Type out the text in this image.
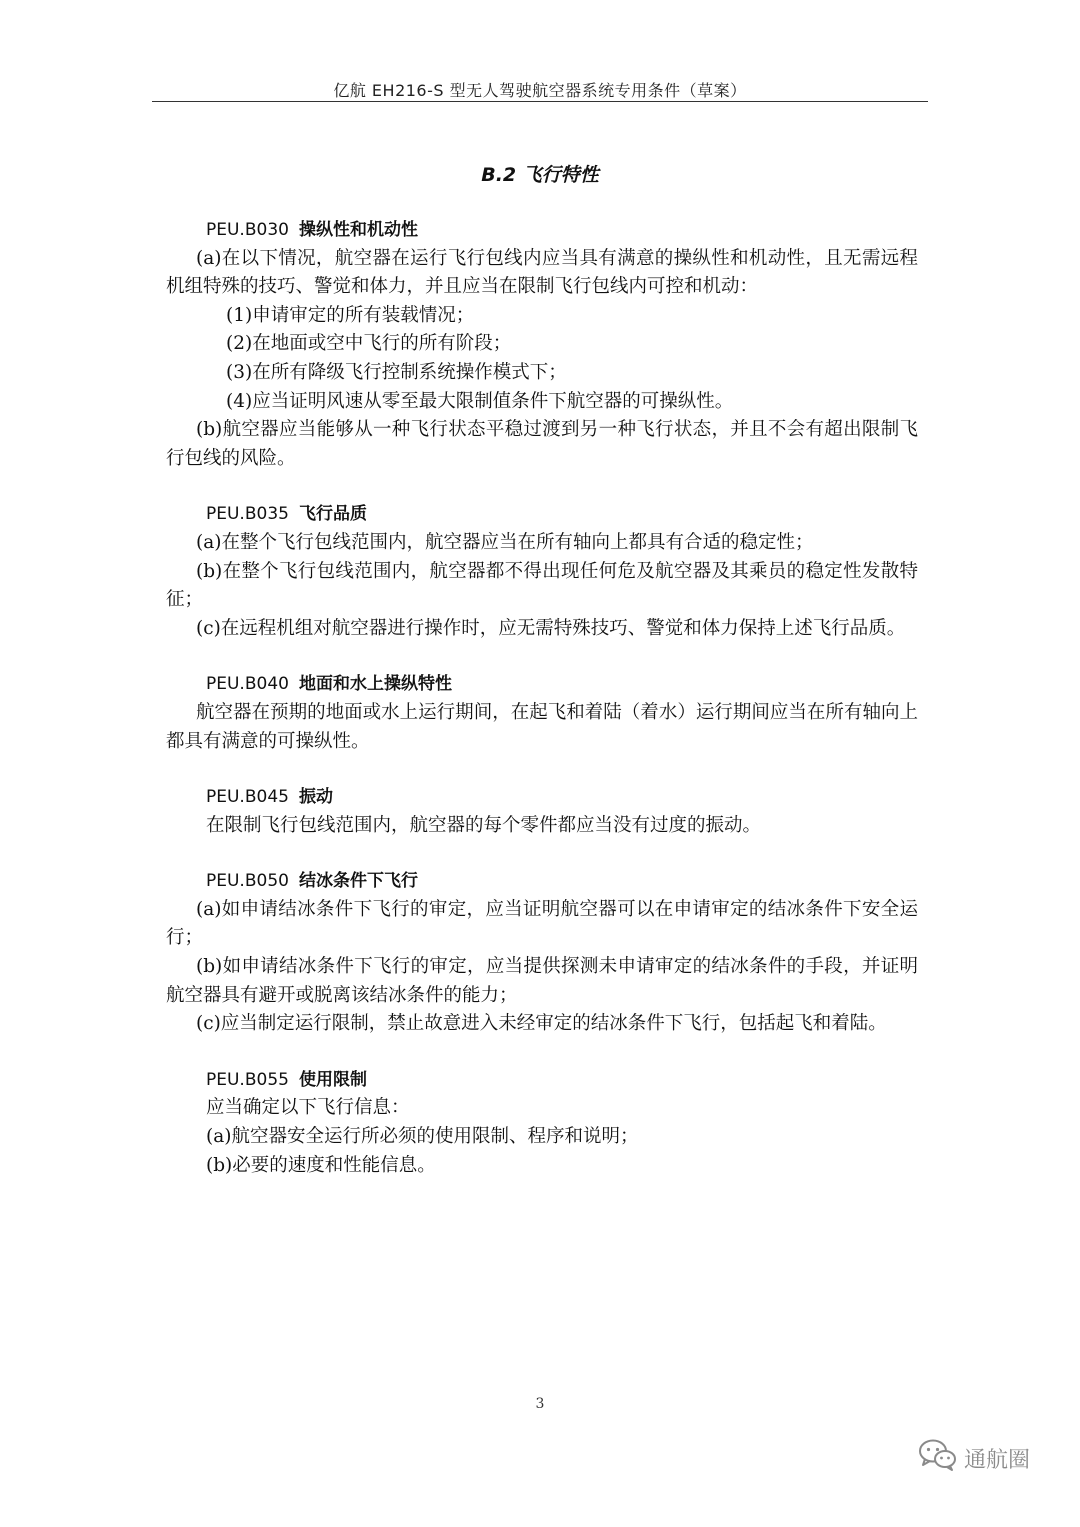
亿航 EH216-S 型无人驾驶航空器系统专用条件（草案）
B.2 飞行特性
PEU.B030 操纵性和机动性
(a)在以下情况，航空器在运行飞行包线内应当具有满意的操纵性和机动性，且无需远程机组特殊的技巧、警觉和体力，并且应当在限制飞行包线内可控和机动：
(1)申请审定的所有装载情况；
(2)在地面或空中飞行的所有阶段；
(3)在所有降级飞行控制系统操作模式下；
(4)应当证明风速从零至最大限制值条件下航空器的可操纵性。
(b)航空器应当能够从一种飞行状态平稳过渡到另一种飞行状态，并且不会有超出限制飞行包线的风险。
PEU.B035 飞行品质
(a)在整个飞行包线范围内，航空器应当在所有轴向上都具有合适的稳定性；
(b)在整个飞行包线范围内，航空器都不得出现任何危及航空器及其乘员的稳定性发散特征；
(c)在远程机组对航空器进行操作时，应无需特殊技巧、警觉和体力保持上述飞行品质。
PEU.B040 地面和水上操纵特性
航空器在预期的地面或水上运行期间，在起飞和着陆（着水）运行期间应当在所有轴向上都具有满意的可操纵性。
PEU.B045 振动
在限制飞行包线范围内，航空器的每个零件都应当没有过度的振动。
PEU.B050 结冰条件下飞行
(a)如申请结冰条件下飞行的审定，应当证明航空器可以在申请审定的结冰条件下安全运行；
(b)如申请结冰条件下飞行的审定，应当提供探测未申请审定的结冰条件的手段，并证明航空器具有避开或脱离该结冰条件的能力；
(c)应当制定运行限制，禁止故意进入未经审定的结冰条件下飞行，包括起飞和着陆。
PEU.B055 使用限制
应当确定以下飞行信息：
(a)航空器安全运行所必须的使用限制、程序和说明；
(b)必要的速度和性能信息。
3
通航圈
